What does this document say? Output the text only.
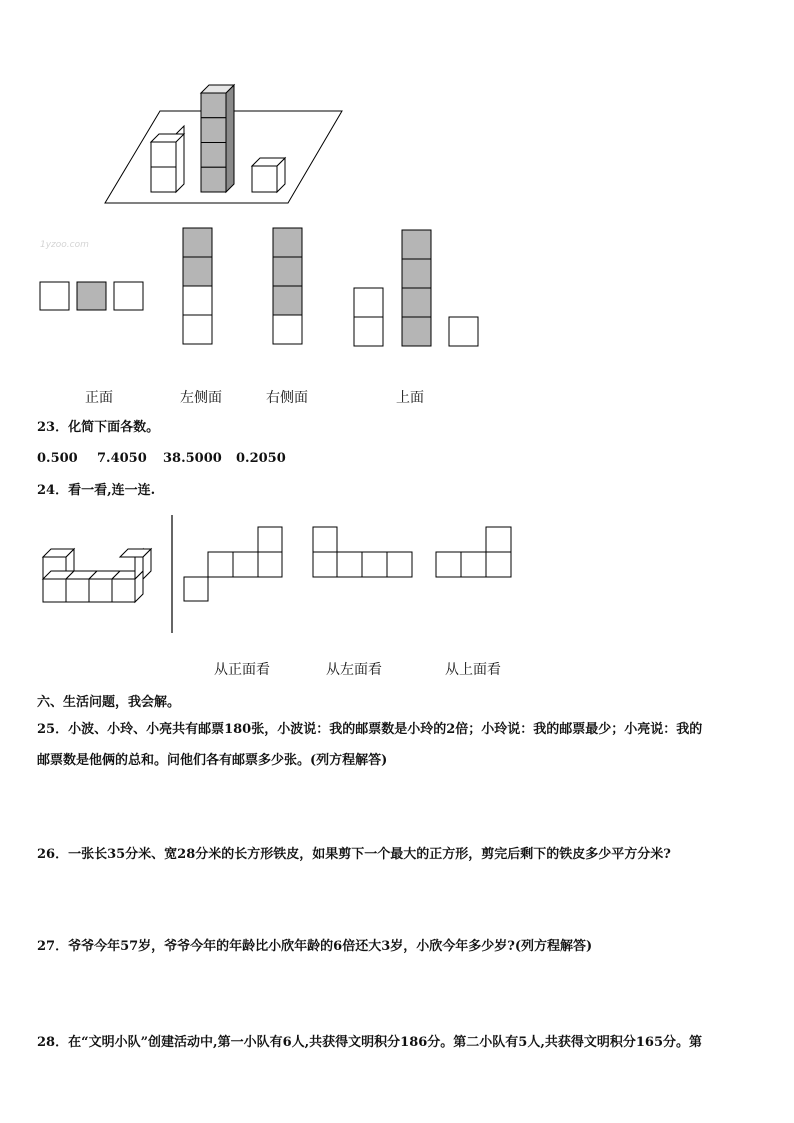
1yzoo.com
正面	左侧面	右侧面	上面
23．化简下面各数。
0.500 7.4050 38.5000 0.2050
24．看一看,连一连.
从正面看	从左面看	从上面看
六、生活问题，我会解。
25．小波、小玲、小亮共有邮票180张，小波说：我的邮票数是小玲的2倍；小玲说：我的邮票最少；小亮说：我的
邮票数是他俩的总和。问他们各有邮票多少张。(列方程解答)
26．一张长35分米、宽28分米的长方形铁皮，如果剪下一个最大的正方形，剪完后剩下的铁皮多少平方分米?
27．爷爷今年57岁，爷爷今年的年龄比小欣年龄的6倍还大3岁，小欣今年多少岁?(列方程解答)
28．在“文明小队”创建活动中,第一小队有6人,共获得文明积分186分。第二小队有5人,共获得文明积分165分。第
